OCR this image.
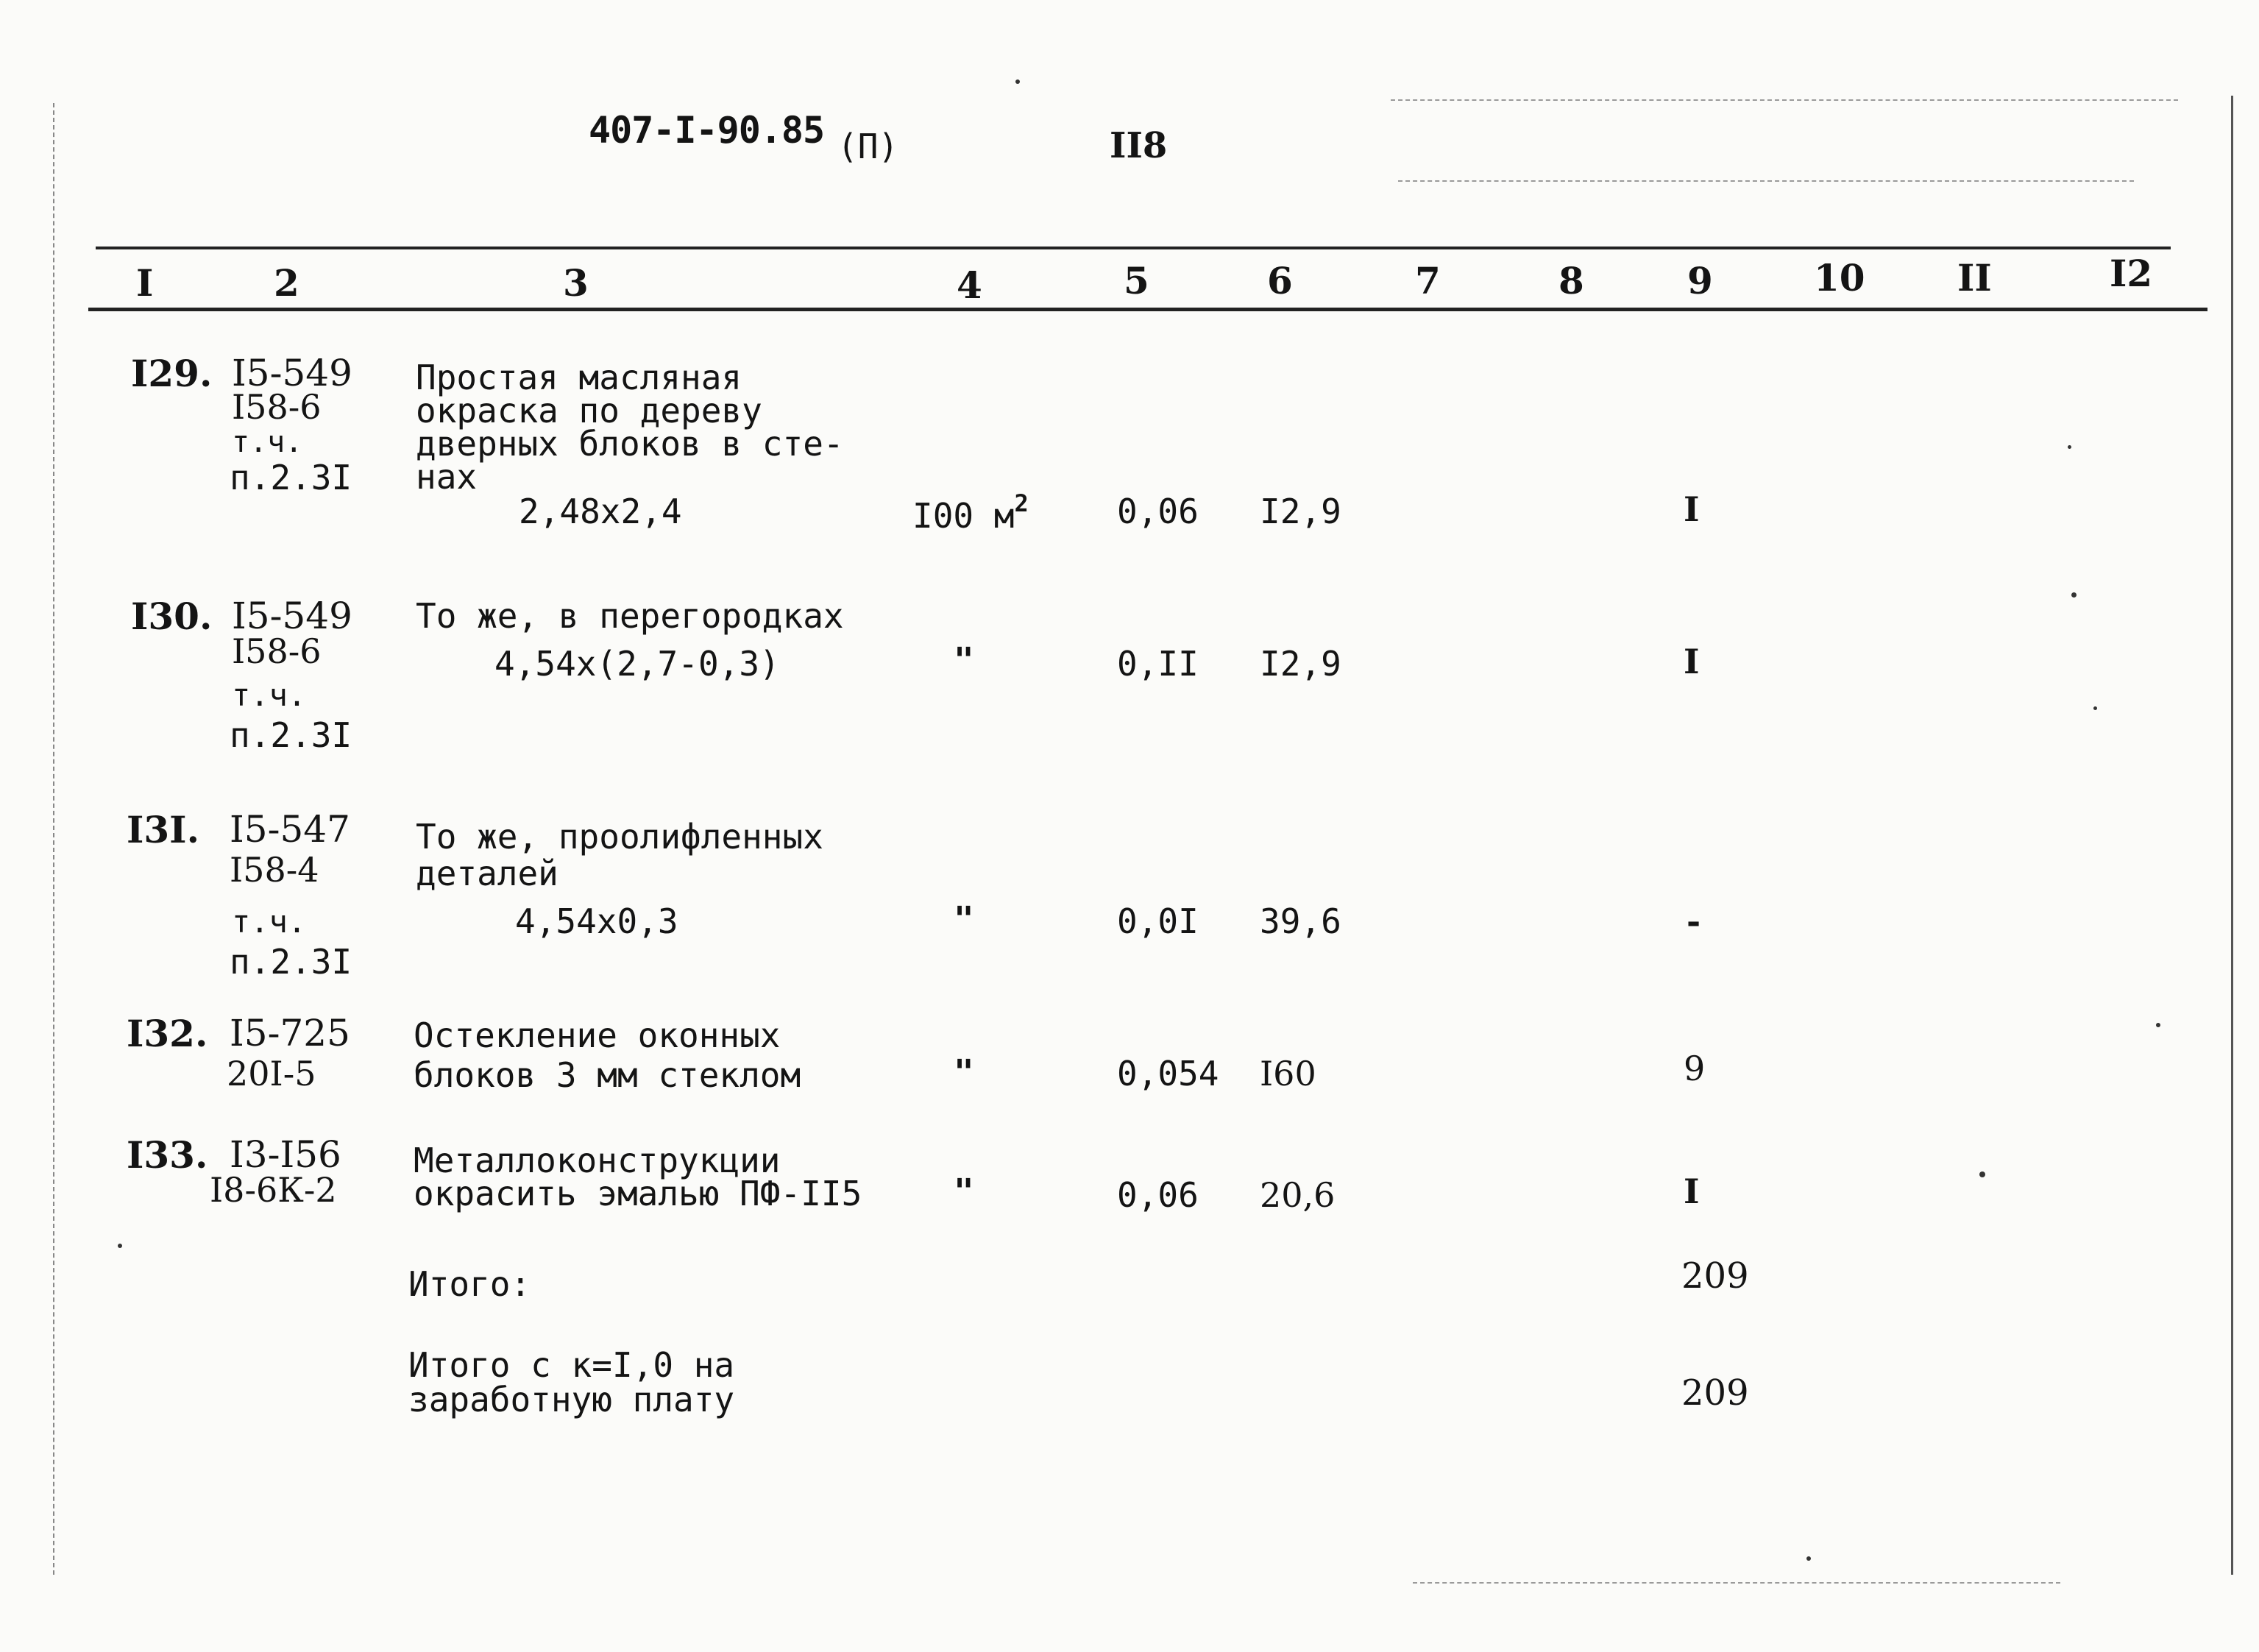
407-I-90.85 (П)	II8
I	2	3	4	5	6	7	8	9	10	II	I2
I29. I5-549
I58-6
т.ч.
п.2.3I
Простая масляная
окраска по дереву
дверных блоков в сте-
нах
2,48x2,4	I00 $м^2$	0,06 I2,9	I
I30. I5-549
I58-6
т.ч.
п.2.3I
То же, в перегородках
4,54x(2,7-0,3)	"	0,II I2,9	I
I3I. I5-547
I58-4
т.ч.
п.2.3I
То же, проолифленных
деталей
4,54x0,3	"	0,0I 39,6	-
I32. I5-725
20I-5
Остекление оконных
блоков 3 мм стеклом	"	0,054 I60	9
I33. I3-I56
I8-6К-2
Металлоконструкции
окрасить эмалью ПФ-II5	"	0,06 20,6	I
Итого:	209
Итого с к=I,0 на
заработную плату	209
